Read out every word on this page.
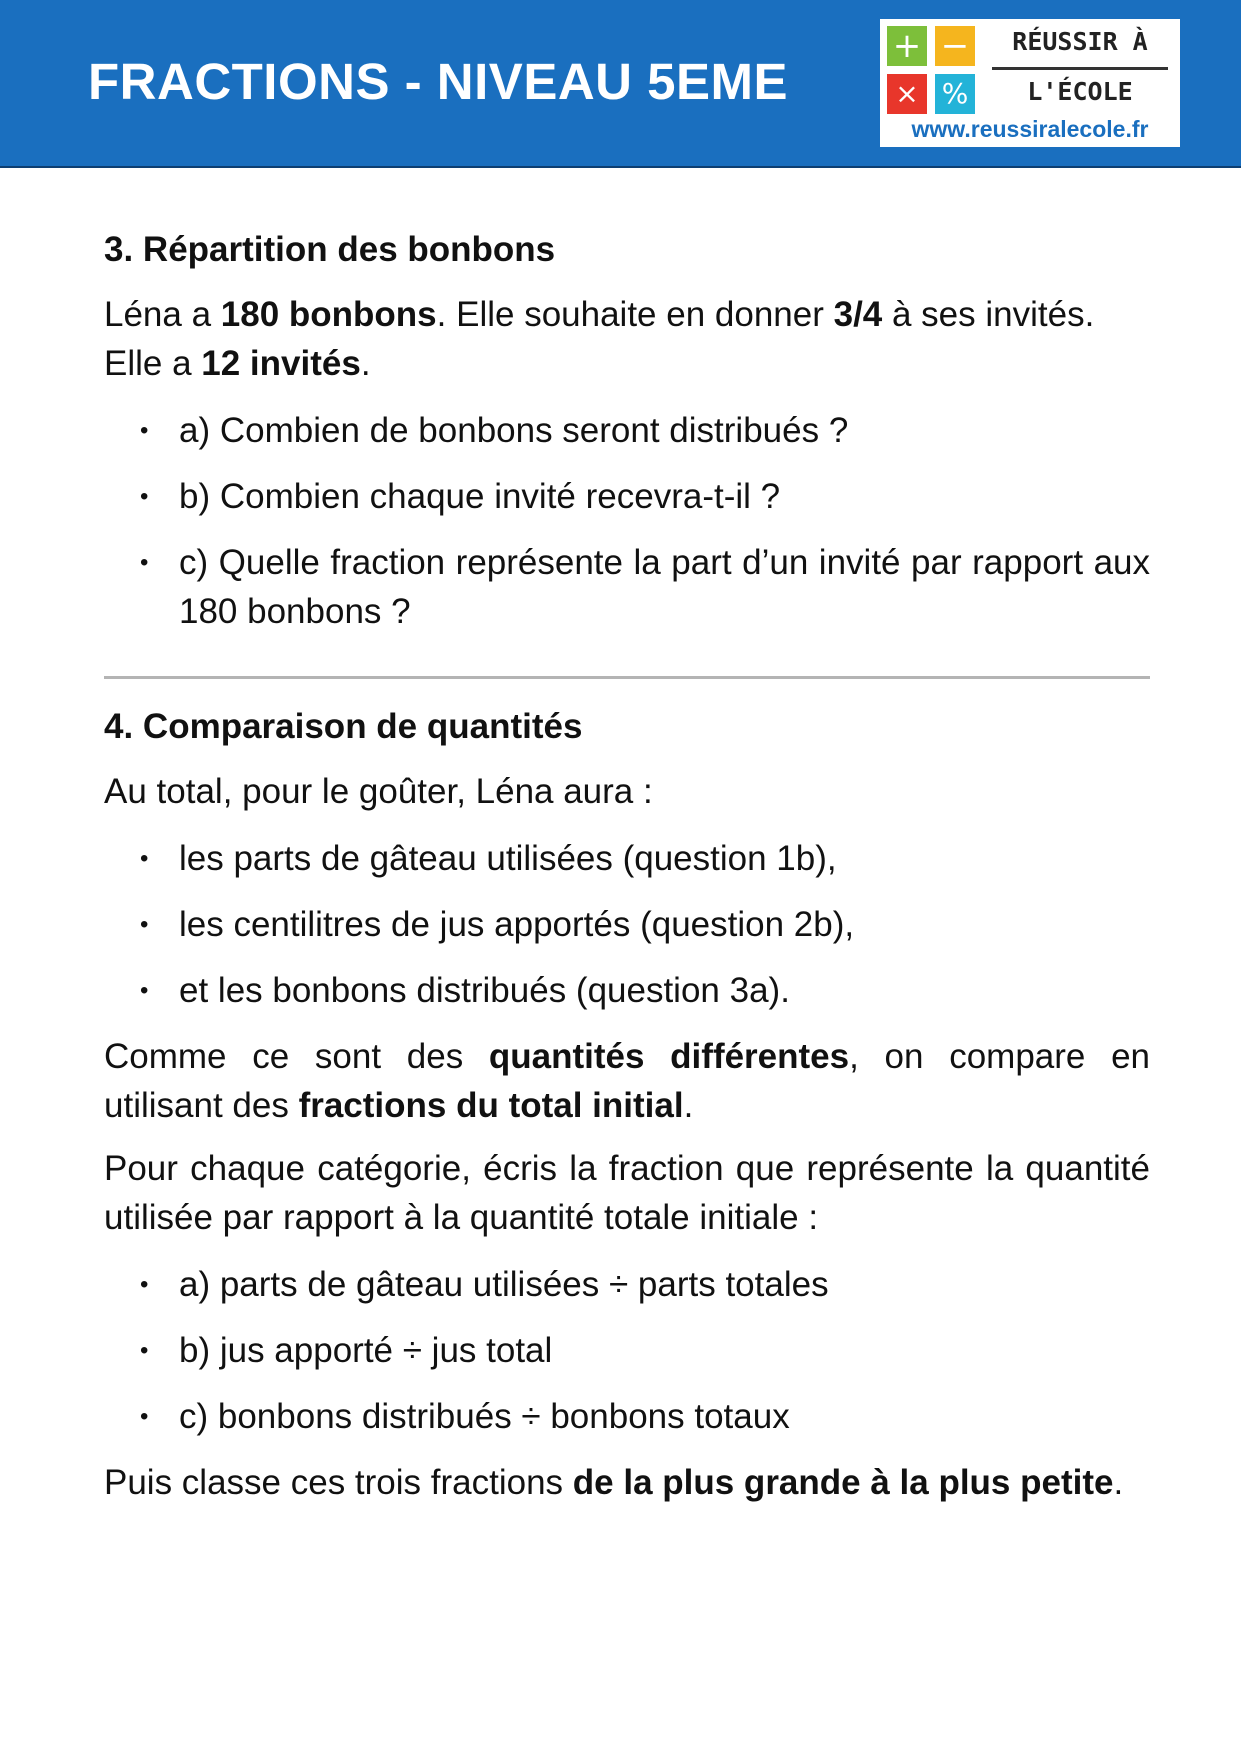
FRACTIONS - NIVEAU 5EME
+ −
× %
RÉUSSIR À
L'ÉCOLE
www.reussiralecole.fr
3. Répartition des bonbons

Léna a 180 bonbons. Elle souhaite en donner 3/4 à ses invités.

Elle a 12 invités.

• a) Combien de bonbons seront distribués ?
• b) Combien chaque invité recevra-t-il ?
• c) Quelle fraction représente la part d’un invité par rapport aux 180 bonbons ?
4. Comparaison de quantités

Au total, pour le goûter, Léna aura :

• les parts de gâteau utilisées (question 1b),
• les centilitres de jus apportés (question 2b),
• et les bonbons distribués (question 3a).

Comme ce sont des quantités différentes, on compare en utilisant des fractions du total initial.

Pour chaque catégorie, écris la fraction que représente la quantité utilisée par rapport à la quantité totale initiale :

• a) parts de gâteau utilisées ÷ parts totales
• b) jus apporté ÷ jus total
• c) bonbons distribués ÷ bonbons totaux

Puis classe ces trois fractions de la plus grande à la plus petite.
